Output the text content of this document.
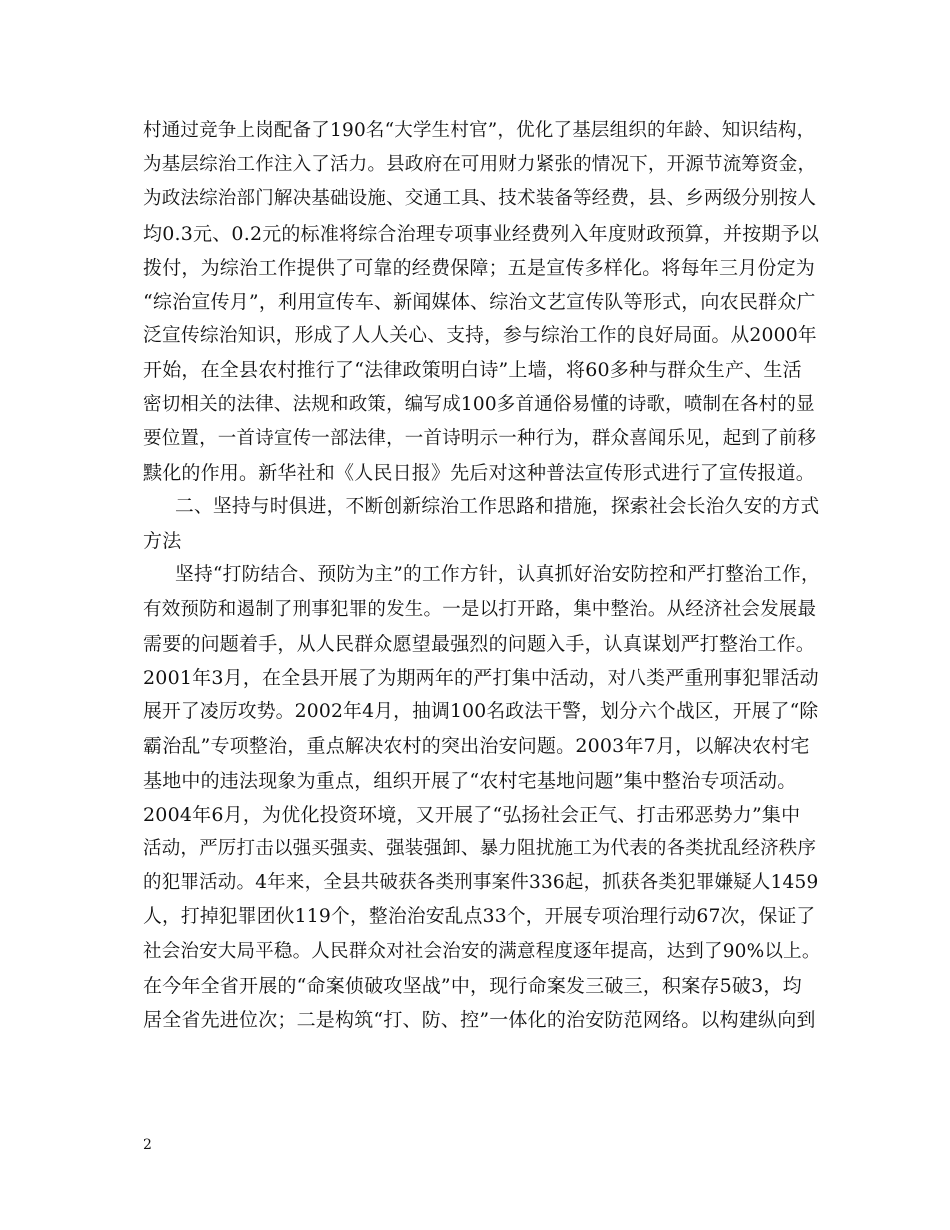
村通过竞争上岗配备了190名“大学生村官”，优化了基层组织的年龄、知识结构，
为基层综治工作注入了活力。县政府在可用财力紧张的情况下，开源节流筹资金，
为政法综治部门解决基础设施、交通工具、技术装备等经费，县、乡两级分别按人
均0.3元、0.2元的标准将综合治理专项事业经费列入年度财政预算，并按期予以
拨付，为综治工作提供了可靠的经费保障；五是宣传多样化。将每年三月份定为
“综治宣传月”，利用宣传车、新闻媒体、综治文艺宣传队等形式，向农民群众广
泛宣传综治知识，形成了人人关心、支持，参与综治工作的良好局面。从2000年
开始，在全县农村推行了“法律政策明白诗”上墙，将60多种与群众生产、生活
密切相关的法律、法规和政策，编写成100多首通俗易懂的诗歌，喷制在各村的显
要位置，一首诗宣传一部法律，一首诗明示一种行为，群众喜闻乐见，起到了前移
黩化的作用。新华社和《人民日报》先后对这种普法宣传形式进行了宣传报道。
二、坚持与时俱进，不断创新综治工作思路和措施，探索社会长治久安的方式
方法
坚持“打防结合、预防为主”的工作方针，认真抓好治安防控和严打整治工作，
有效预防和遏制了刑事犯罪的发生。一是以打开路，集中整治。从经济社会发展最
需要的问题着手，从人民群众愿望最强烈的问题入手，认真谋划严打整治工作。
2001年3月，在全县开展了为期两年的严打集中活动，对八类严重刑事犯罪活动
展开了凌厉攻势。2002年4月，抽调100名政法干警，划分六个战区，开展了“除
霸治乱”专项整治，重点解决农村的突出治安问题。2003年7月，以解决农村宅
基地中的违法现象为重点，组织开展了“农村宅基地问题”集中整治专项活动。
2004年6月，为优化投资环境，又开展了“弘扬社会正气、打击邪恶势力”集中
活动，严厉打击以强买强卖、强装强卸、暴力阻扰施工为代表的各类扰乱经济秩序
的犯罪活动。4年来，全县共破获各类刑事案件336起，抓获各类犯罪嫌疑人1459
人，打掉犯罪团伙119个，整治治安乱点33个，开展专项治理行动67次，保证了
社会治安大局平稳。人民群众对社会治安的满意程度逐年提高，达到了90%以上。
在今年全省开展的“命案侦破攻坚战”中，现行命案发三破三，积案存5破3，均
居全省先进位次；二是构筑“打、防、控”一体化的治安防范网络。以构建纵向到
2
